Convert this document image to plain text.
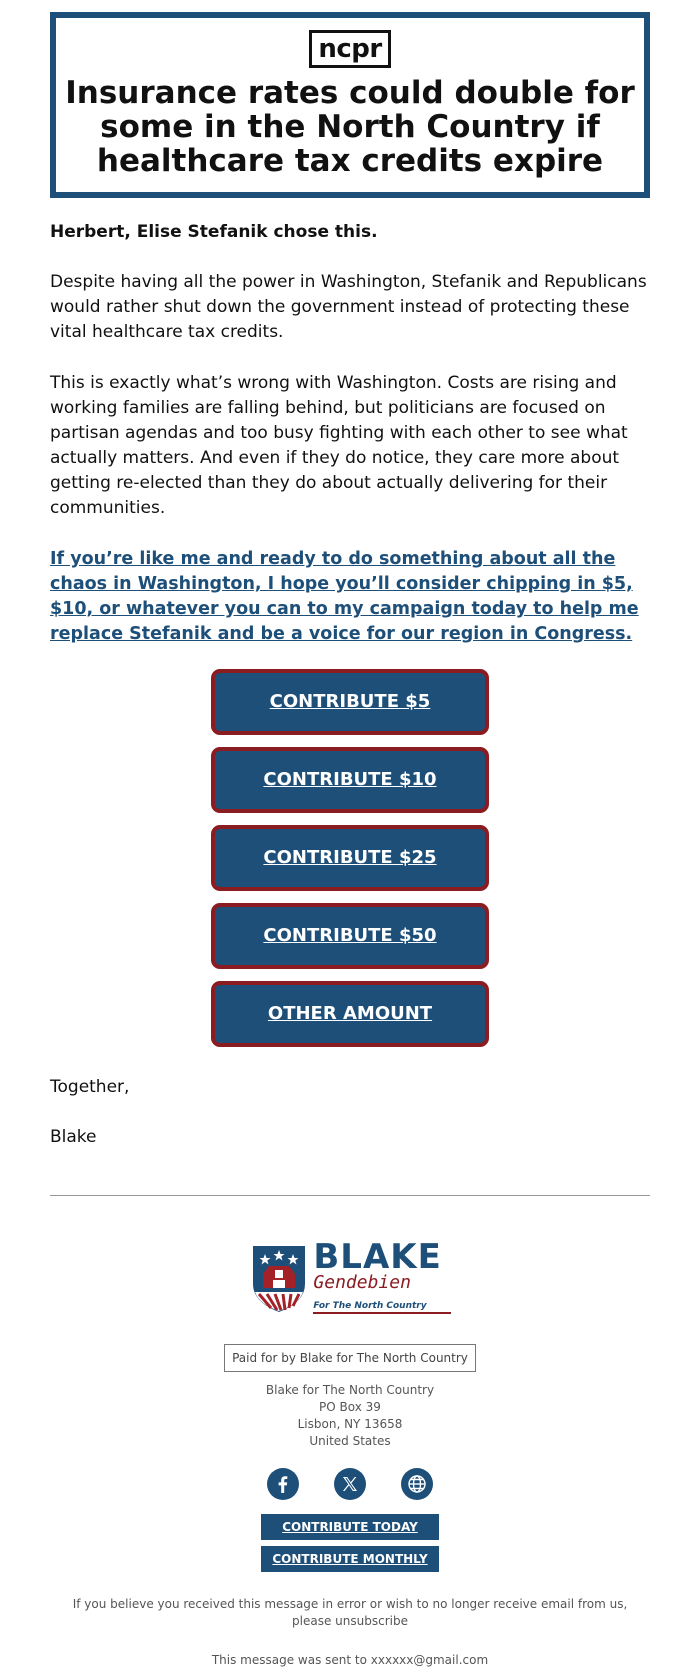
ncpr
Insurance rates could double for some in the North Country if healthcare tax credits expire
Herbert, Elise Stefanik chose this.
Despite having all the power in Washington, Stefanik and Republicans would rather shut down the government instead of protecting these vital healthcare tax credits.
This is exactly what’s wrong with Washington. Costs are rising and working families are falling behind, but politicians are focused on partisan agendas and too busy fighting with each other to see what actually matters. And even if they do notice, they care more about getting re-elected than they do about actually delivering for their communities.
If you’re like me and ready to do something about all the chaos in Washington, I hope you’ll consider chipping in $5, $10, or whatever you can to my campaign today to help me replace Stefanik and be a voice for our region in Congress.
CONTRIBUTE $5
CONTRIBUTE $10
CONTRIBUTE $25
CONTRIBUTE $50
OTHER AMOUNT
Together,
Blake
BLAKE
Gendebien
For The North Country
Paid for by Blake for The North Country
Blake for The North Country
PO Box 39
Lisbon, NY 13658
United States
CONTRIBUTE TODAY
CONTRIBUTE MONTHLY
If you believe you received this message in error or wish to no longer receive email from us, please unsubscribe
This message was sent to xxxxxx@gmail.com
